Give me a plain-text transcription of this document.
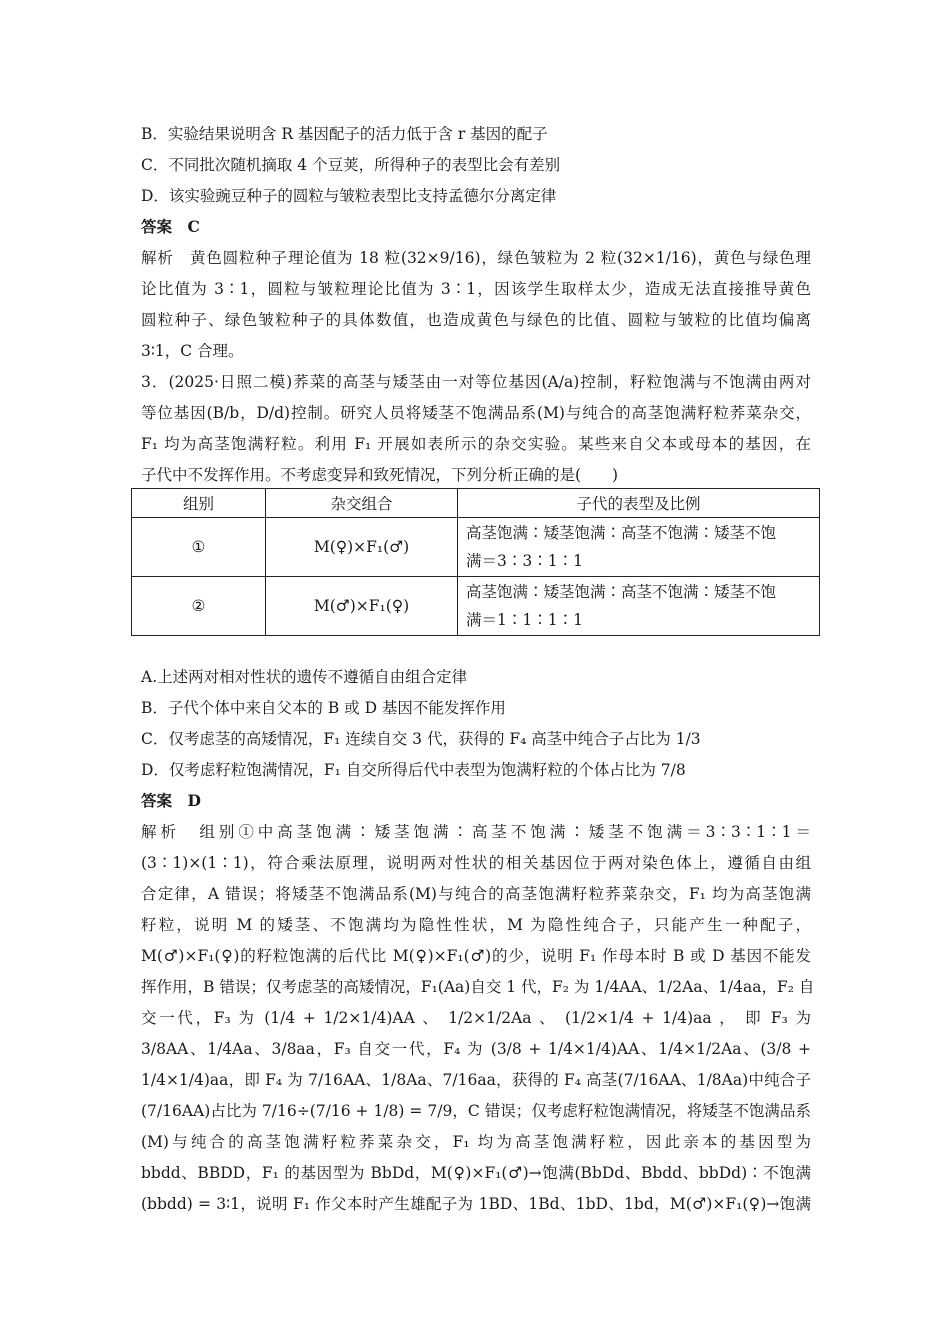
B．实验结果说明含 R 基因配子的活力低于含 r 基因的配子
C．不同批次随机摘取 4 个豆荚，所得种子的表型比会有差别
D．该实验豌豆种子的圆粒与皱粒表型比支持孟德尔分离定律
答案　C
解析　黄色圆粒种子理论值为 18 粒(32×9/16)，绿色皱粒为 2 粒(32×1/16)，黄色与绿色理
论比值为 3∶1，圆粒与皱粒理论比值为 3∶1，因该学生取样太少，造成无法直接推导黄色
圆粒种子、绿色皱粒种子的具体数值，也造成黄色与绿色的比值、圆粒与皱粒的比值均偏离
3∶1，C 合理。
3．(2025·日照二模)荞菜的高茎与矮茎由一对等位基因(A/a)控制，籽粒饱满与不饱满由两对
等位基因(B/b，D/d)控制。研究人员将矮茎不饱满品系(M)与纯合的高茎饱满籽粒荞菜杂交，
F₁ 均为高茎饱满籽粒。利用 F₁ 开展如表所示的杂交实验。某些来自父本或母本的基因，在
子代中不发挥作用。不考虑变异和致死情况，下列分析正确的是(　　)
组别	杂交组合	子代的表型及比例
①	M(♀)×F₁(♂)	高茎饱满∶矮茎饱满∶高茎不饱满∶矮茎不饱
满＝3∶3∶1∶1

②	M(♂)×F₁(♀)	高茎饱满∶矮茎饱满∶高茎不饱满∶矮茎不饱
满＝1∶1∶1∶1
A.上述两对相对性状的遗传不遵循自由组合定律
B．子代个体中来自父本的 B 或 D 基因不能发挥作用
C．仅考虑茎的高矮情况，F₁ 连续自交 3 代，获得的 F₄ 高茎中纯合子占比为 1/3
D．仅考虑籽粒饱满情况，F₁ 自交所得后代中表型为饱满籽粒的个体占比为 7/8
答案　D
解析　组别①中高茎饱满∶矮茎饱满∶高茎不饱满∶矮茎不饱满＝3∶3∶1∶1＝
(3∶1)×(1∶1)，符合乘法原理，说明两对性状的相关基因位于两对染色体上，遵循自由组
合定律，A 错误；将矮茎不饱满品系(M)与纯合的高茎饱满籽粒荞菜杂交，F₁ 均为高茎饱满
籽粒，说明 M 的矮茎、不饱满均为隐性性状，M 为隐性纯合子，只能产生一种配子，
M(♂)×F₁(♀)的籽粒饱满的后代比 M(♀)×F₁(♂)的少，说明 F₁ 作母本时 B 或 D 基因不能发
挥作用，B 错误；仅考虑茎的高矮情况，F₁(Aa)自交 1 代，F₂ 为 1/4AA、1/2Aa、1/4aa，F₂ 自
交一代，F₃ 为 (1/4 + 1/2×1/4)AA 、 1/2×1/2Aa 、 (1/2×1/4 + 1/4)aa ， 即 F₃ 为
3/8AA、1/4Aa、3/8aa，F₃ 自交一代，F₄ 为 (3/8 + 1/4×1/4)AA、1/4×1/2Aa、(3/8 +
1/4×1/4)aa，即 F₄ 为 7/16AA、1/8Aa、7/16aa，获得的 F₄ 高茎(7/16AA、1/8Aa)中纯合子
(7/16AA)占比为 7/16÷(7/16 + 1/8) = 7/9，C 错误；仅考虑籽粒饱满情况，将矮茎不饱满品系
(M)与纯合的高茎饱满籽粒荞菜杂交，F₁ 均为高茎饱满籽粒，因此亲本的基因型为
bbdd、BBDD，F₁ 的基因型为 BbDd，M(♀)×F₁(♂)→饱满(BbDd、Bbdd、bbDd)∶不饱满
(bbdd) = 3∶1，说明 F₁ 作父本时产生雄配子为 1BD、1Bd、1bD、1bd，M(♂)×F₁(♀)→饱满
